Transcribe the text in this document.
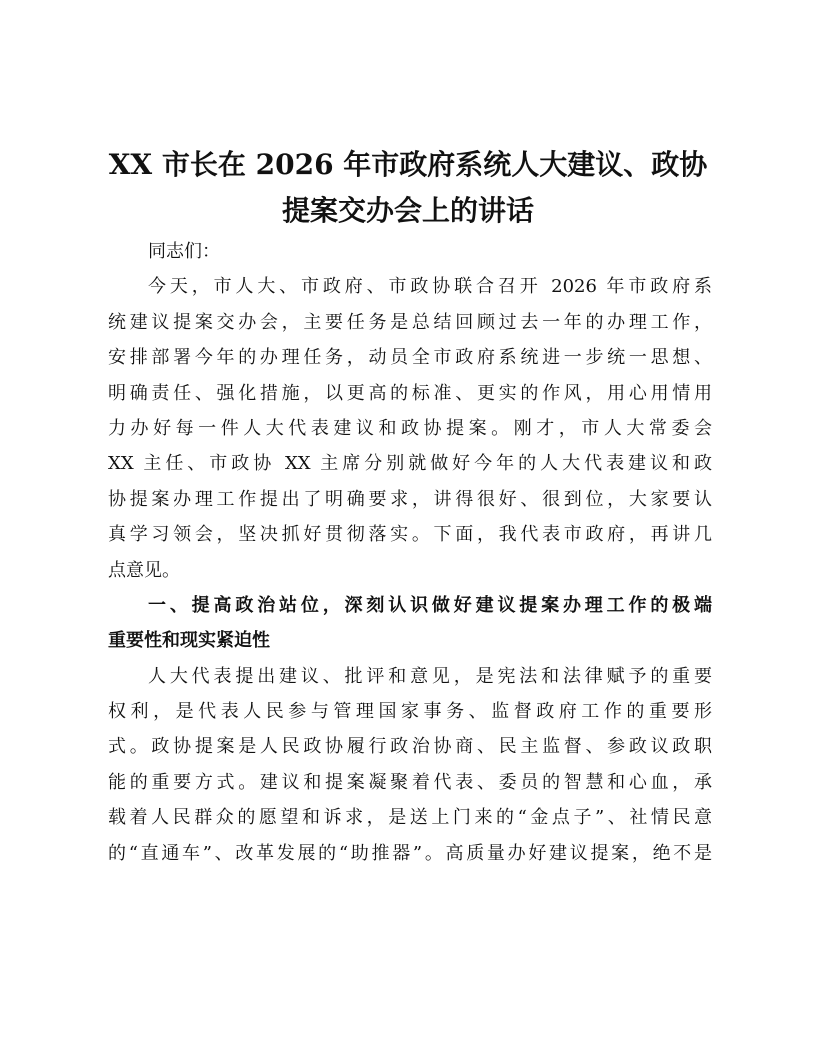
XX 市长在 2026 年市政府系统人大建议、政协
提案交办会上的讲话
同志们：
今天，市人大、市政府、市政协联合召开 2026 年市政府系
统建议提案交办会，主要任务是总结回顾过去一年的办理工作，
安排部署今年的办理任务，动员全市政府系统进一步统一思想、
明确责任、强化措施，以更高的标准、更实的作风，用心用情用
力办好每一件人大代表建议和政协提案。刚才，市人大常委会
XX 主任、市政协 XX 主席分别就做好今年的人大代表建议和政
协提案办理工作提出了明确要求，讲得很好、很到位，大家要认
真学习领会，坚决抓好贯彻落实。下面，我代表市政府，再讲几
点意见。
一、提高政治站位，深刻认识做好建议提案办理工作的极端
重要性和现实紧迫性
人大代表提出建议、批评和意见，是宪法和法律赋予的重要
权利，是代表人民参与管理国家事务、监督政府工作的重要形
式。政协提案是人民政协履行政治协商、民主监督、参政议政职
能的重要方式。建议和提案凝聚着代表、委员的智慧和心血，承
载着人民群众的愿望和诉求，是送上门来的“金点子”、社情民意
的“直通车”、改革发展的“助推器”。高质量办好建议提案，绝不是
